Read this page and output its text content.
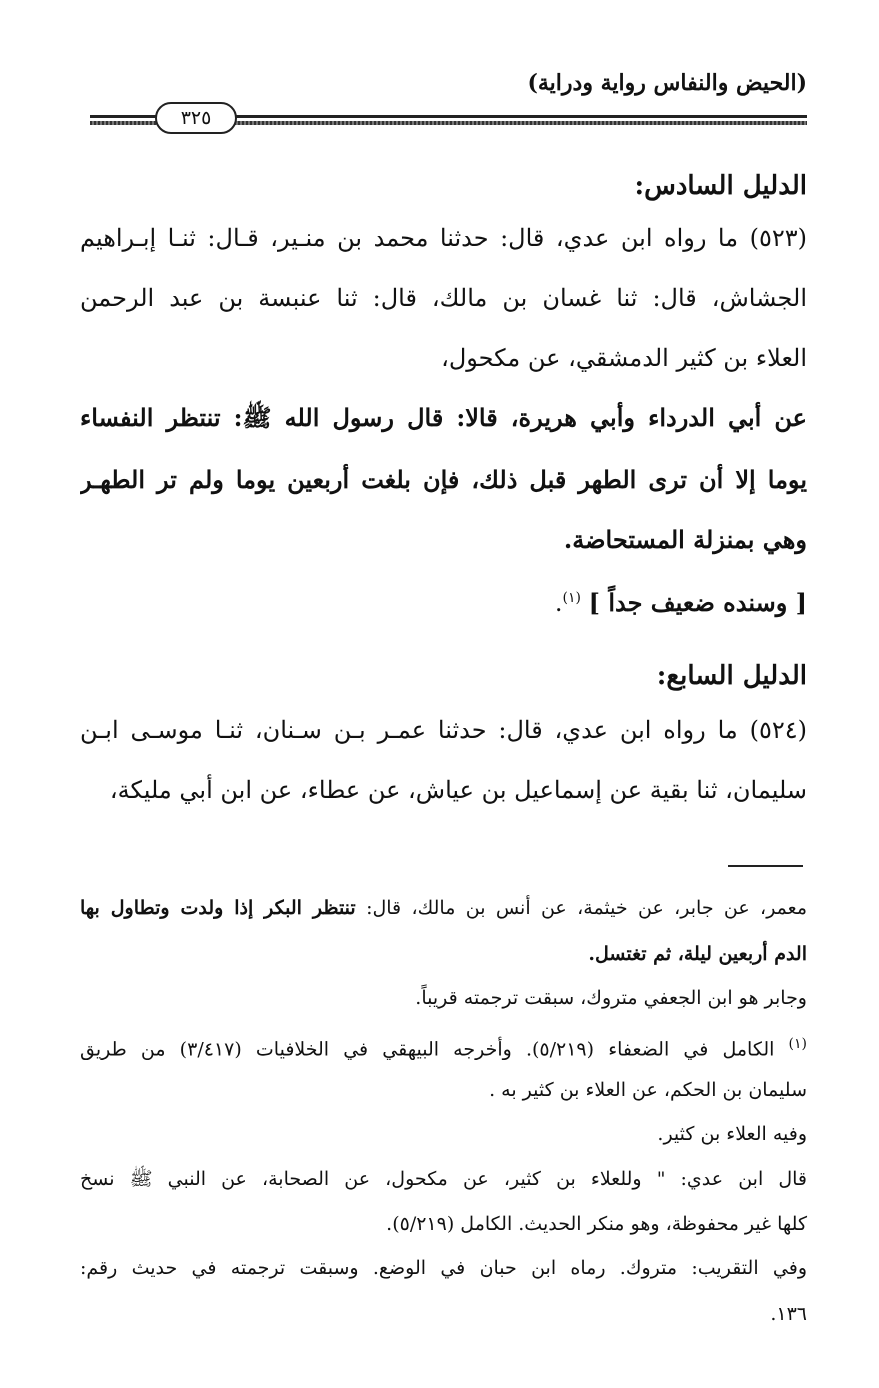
(الحيض والنفاس رواية ودراية)
٣٢٥
الدليل السادس:
(٥٢٣) ما رواه ابن عدي، قال: حدثنا محمد بن منـير، قـال: ثنـا إبـراهيم
الجشاش، قال: ثنا غسان بن مالك، قال: ثنا عنبسة بن عبد الرحمن
العلاء بن كثير الدمشقي، عن مكحول،
عن أبي الدرداء وأبي هريرة، قالا: قال رسول الله ﷺ: تنتظر النفساء
يوما إلا أن ترى الطهر قبل ذلك، فإن بلغت أربعين يوما ولم تر الطهـر
وهي بمنزلة المستحاضة.
[ وسنده ضعيف جداً ] $^{(١)}$.
الدليل السابع:
(٥٢٤) ما رواه ابن عدي، قال: حدثنا عمـر بـن سـنان، ثنـا موسـى ابـن
سليمان، ثنا بقية عن إسماعيل بن عياش، عن عطاء، عن ابن أبي مليكة،
معمر، عن جابر، عن خيثمة، عن أنس بن مالك، قال: تنتظر البكر إذا ولدت وتطاول بها
الدم أربعين ليلة، ثم تغتسل.
وجابر هو ابن الجعفي متروك، سبقت ترجمته قريباً.
$^{(١)}$ الكامل في الضعفاء (٥/٢١٩). وأخرجه البيهقي في الخلافيات (٣/٤١٧) من طريق
سليمان بن الحكم، عن العلاء بن كثير به .
وفيه العلاء بن كثير.
قال ابن عدي: " وللعلاء بن كثير، عن مكحول، عن الصحابة، عن النبي ﷺ نسخ
كلها غير محفوظة، وهو منكر الحديث. الكامل (٥/٢١٩).
وفي التقريب: متروك. رماه ابن حبان في الوضع. وسبقت ترجمته في حديث رقم:
١٣٦.
